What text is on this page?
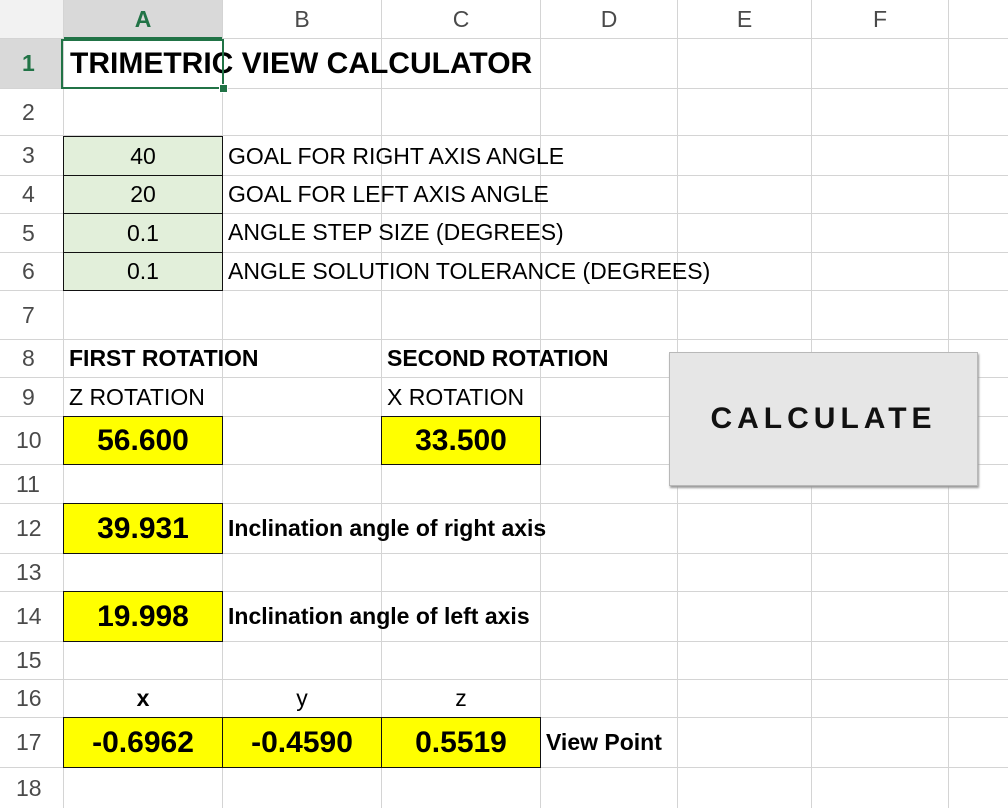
A	B	C	D	E	F
1
2
3
4
5
6
7
8
9
10
11
12
13
14
15
16
17
18
TRIMETRIC VIEW CALCULATOR
40	GOAL FOR RIGHT AXIS ANGLE
20	GOAL FOR LEFT AXIS ANGLE
0.1	ANGLE STEP SIZE (DEGREES)
0.1	ANGLE SOLUTION TOLERANCE (DEGREES)
FIRST ROTATION	SECOND ROTATION
Z ROTATION	X ROTATION
56.600	33.500
CALCULATE
39.931	Inclination angle of right axis
19.998	Inclination angle of left axis
x	y	z
-0.6962	-0.4590	0.5519	View Point
